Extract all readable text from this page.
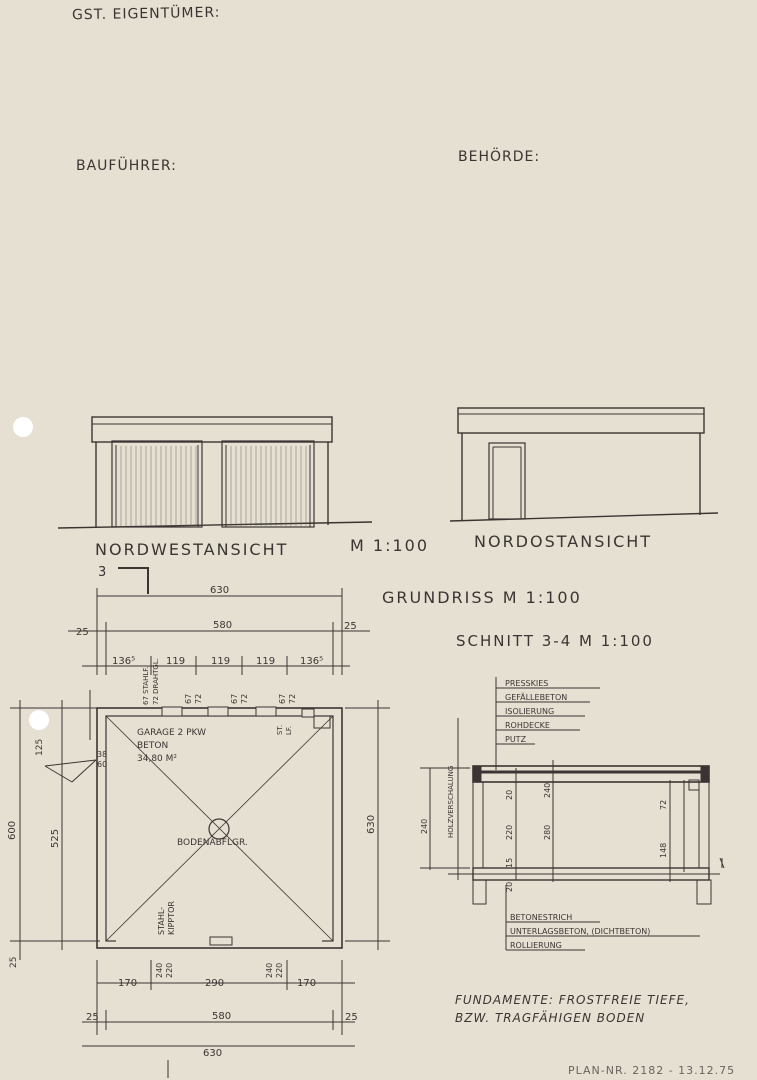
GST. EIGENTÜMER:
BAUFÜHRER:
BEHÖRDE:
NORDWESTANSICHT	M 1:100	NORDOSTANSICHT
3
GRUNDRISS M 1:100
SCHNITT 3-4 M 1:100
FUNDAMENTE: FROSTFREIE TIEFE,
BZW. TRAGFÄHIGEN BODEN
PLAN-NR. 2182 - 13.12.75
630
580
25
25
136⁵	119	119	119 136⁵
67 STAHLF. 72 DRAHTGL.	67 72	67 72	67 72
ST. LF.
GARAGE 2 PKW
BETON
34,80 M²
38
60
125
600	525
25
630
BODENABFLGR.
STAHL- KIPPTOR
240 220	240 220
170	290	170
580
25	25
630
PRESSKIES
GEFÄLLEBETON
ISOLIERUNG
ROHDECKE
PUTZ
BETONESTRICH
UNTERLAGSBETON, (DICHTBETON)
ROLLIERUNG
HOLZVERSCHALUNG
240	220
20
280
240
72
148
15
20
